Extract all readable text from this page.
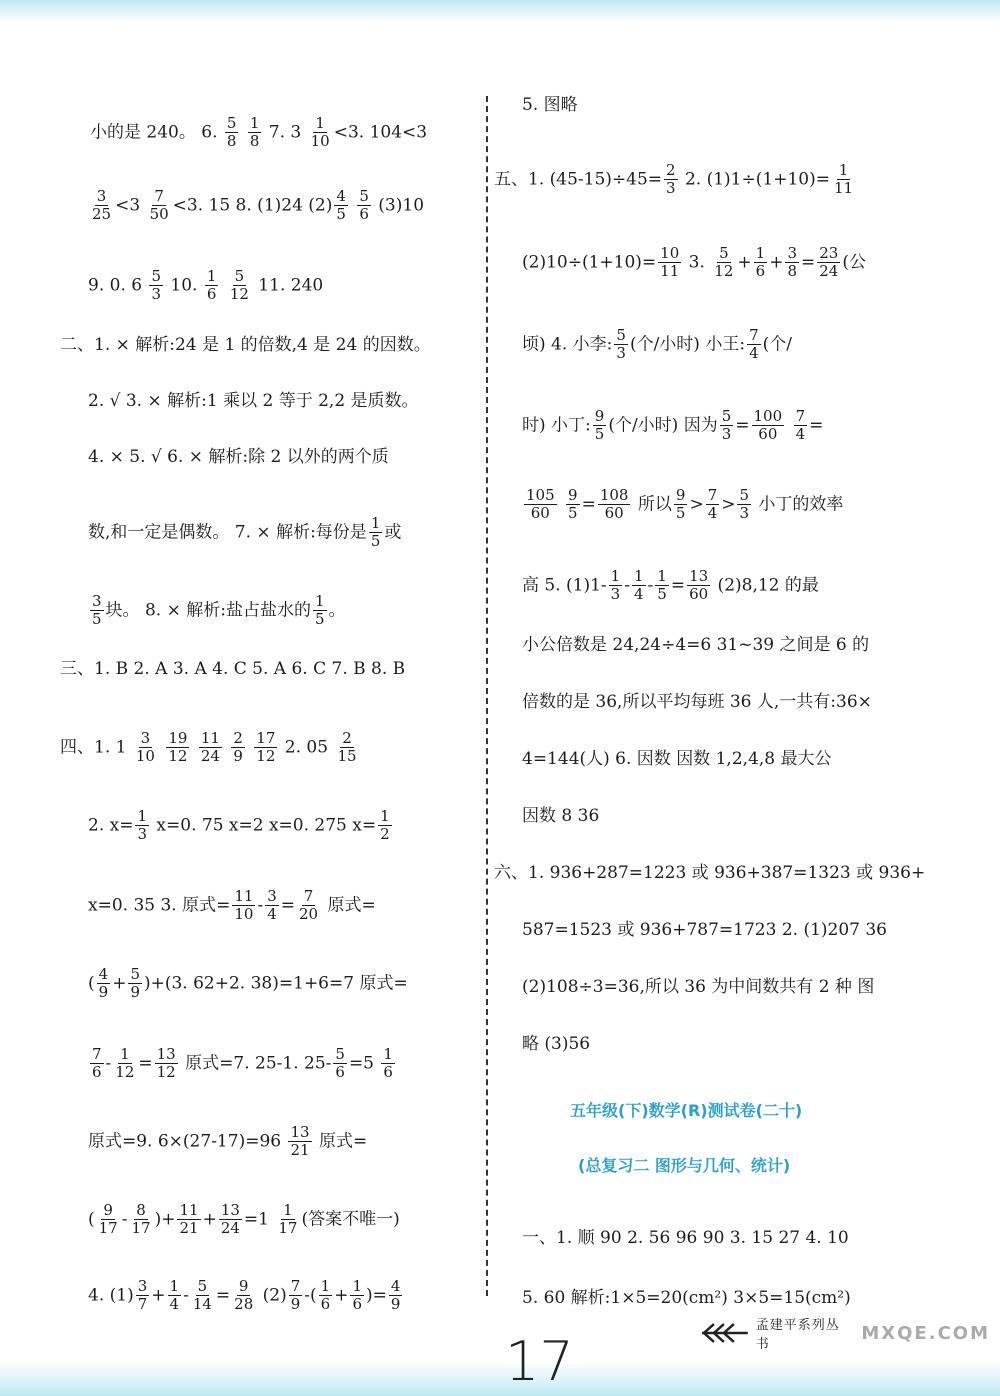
小的是 240。 6. $\frac{5}{8}$
$\frac{1}{8} 7$. $3 \frac{1}{10} <3$. 104<3
$\frac{3}{25} <3 \frac{7}{50} <3$. 15 8. (1)24 $(2) \frac{4}{5}$
$\frac{5}{6} (3)10$
9. 0. $6 \frac{5}{3} 10$. $\frac{1}{6}$
$\frac{5}{12} 11$. 240
二、1. × 解析:24 是 1 的倍数,4 是 24 的因数。
2. √ 3. × 解析:1 乘以 2 等于 2,2 是质数。
4. × 5. √ 6. × 解析:除 2 以外的两个质
数,和一定是偶数。 7. × 解析:每份是 $\frac{1}{5}$ 或
$\frac{3}{5}$ 块。 8. × 解析:盐占盐水的 $\frac{1}{5}$ 。
三、1. B 2. A 3. A 4. C 5. A 6. C 7. B 8. B
四、1. $1 \frac{3}{10}$
$\frac{19}{12}$
$\frac{11}{24}$
$\frac{2}{9}$
$\frac{17}{12} 2$. $05 \frac{2}{15}$
2. $x= \frac{1}{3} x=0$. 75 x=2 x=0. 275 $x= \frac{1}{2}$
x=0. 35 3. 原式= $\frac{11}{10} - \frac{3}{4} = \frac{7}{20}$ 原式=
( $\frac{4}{9} + \frac{5}{9} )+(3$. 62+2. 38)=1+6=7 原式=
$\frac{7}{6} - \frac{1}{12} = \frac{13}{12}$ 原式=7. 25-1. $25- \frac{5}{6} =5 \frac{1}{6}$
原式=9. $6\times(27-17)=96 \frac{13}{21}$ 原式=
( $\frac{9}{17} - \frac{8}{17}$ )+ $\frac{11}{21} + \frac{13}{24} =1 \frac{1}{17}$ (答案不唯一)
4. $(1) \frac{3}{7} + \frac{1}{4} - \frac{5}{14} = \frac{9}{28} (2) \frac{7}{9}$ -( $\frac{1}{6} + \frac{1}{6}$ )= $\frac{4}{9}$
5. 图略
五、1. $(45-15)\div 45= \frac{2}{3} 2$. $(1)1\div(1+10)= \frac{1}{11}$
$(2)10\div(1+10)= \frac{10}{11} 3$. $\frac{5}{12} + \frac{1}{6} + \frac{3}{8} = \frac{23}{24}$ (公
顷) 4. 小李: $\frac{5}{3}$ (个/小时) 小王: $\frac{7}{4}$ (个/
时) 小丁: $\frac{9}{5}$ (个/小时) 因为 $\frac{5}{3} = \frac{100}{60}$
$\frac{7}{4}$ =
$\frac{105}{60}$
$\frac{9}{5} = \frac{108}{60}$ 所以 $\frac{9}{5} > \frac{7}{4} > \frac{5}{3}$ 小丁的效率
高 5. $(1)1- \frac{1}{3} - \frac{1}{4} - \frac{1}{5} = \frac{13}{60} (2)8,12$ 的最
小公倍数是 24,24÷4=6 31~39 之间是 6 的
倍数的是 36,所以平均每班 36 人,一共有:36×
4=144(人) 6. 因数 因数 1,2,4,8 最大公
因数 8 36
六、1. 936+287=1223 或 936+387=1323 或 936+
587=1523 或 936+787=1723 2. (1)207 36
(2)108÷3=36,所以 36 为中间数共有 2 种 图
略 (3)56
一、1. 顺 90 2. 56 96 90 3. 15 27 4. 10
5. 60 解析:1×5=20(cm²) 3×5=15(cm²)
五年级(下)数学(R)测试卷(二十)
(总复习二 图形与几何、统计)
17
孟建平系列丛书
MXQE.COM
